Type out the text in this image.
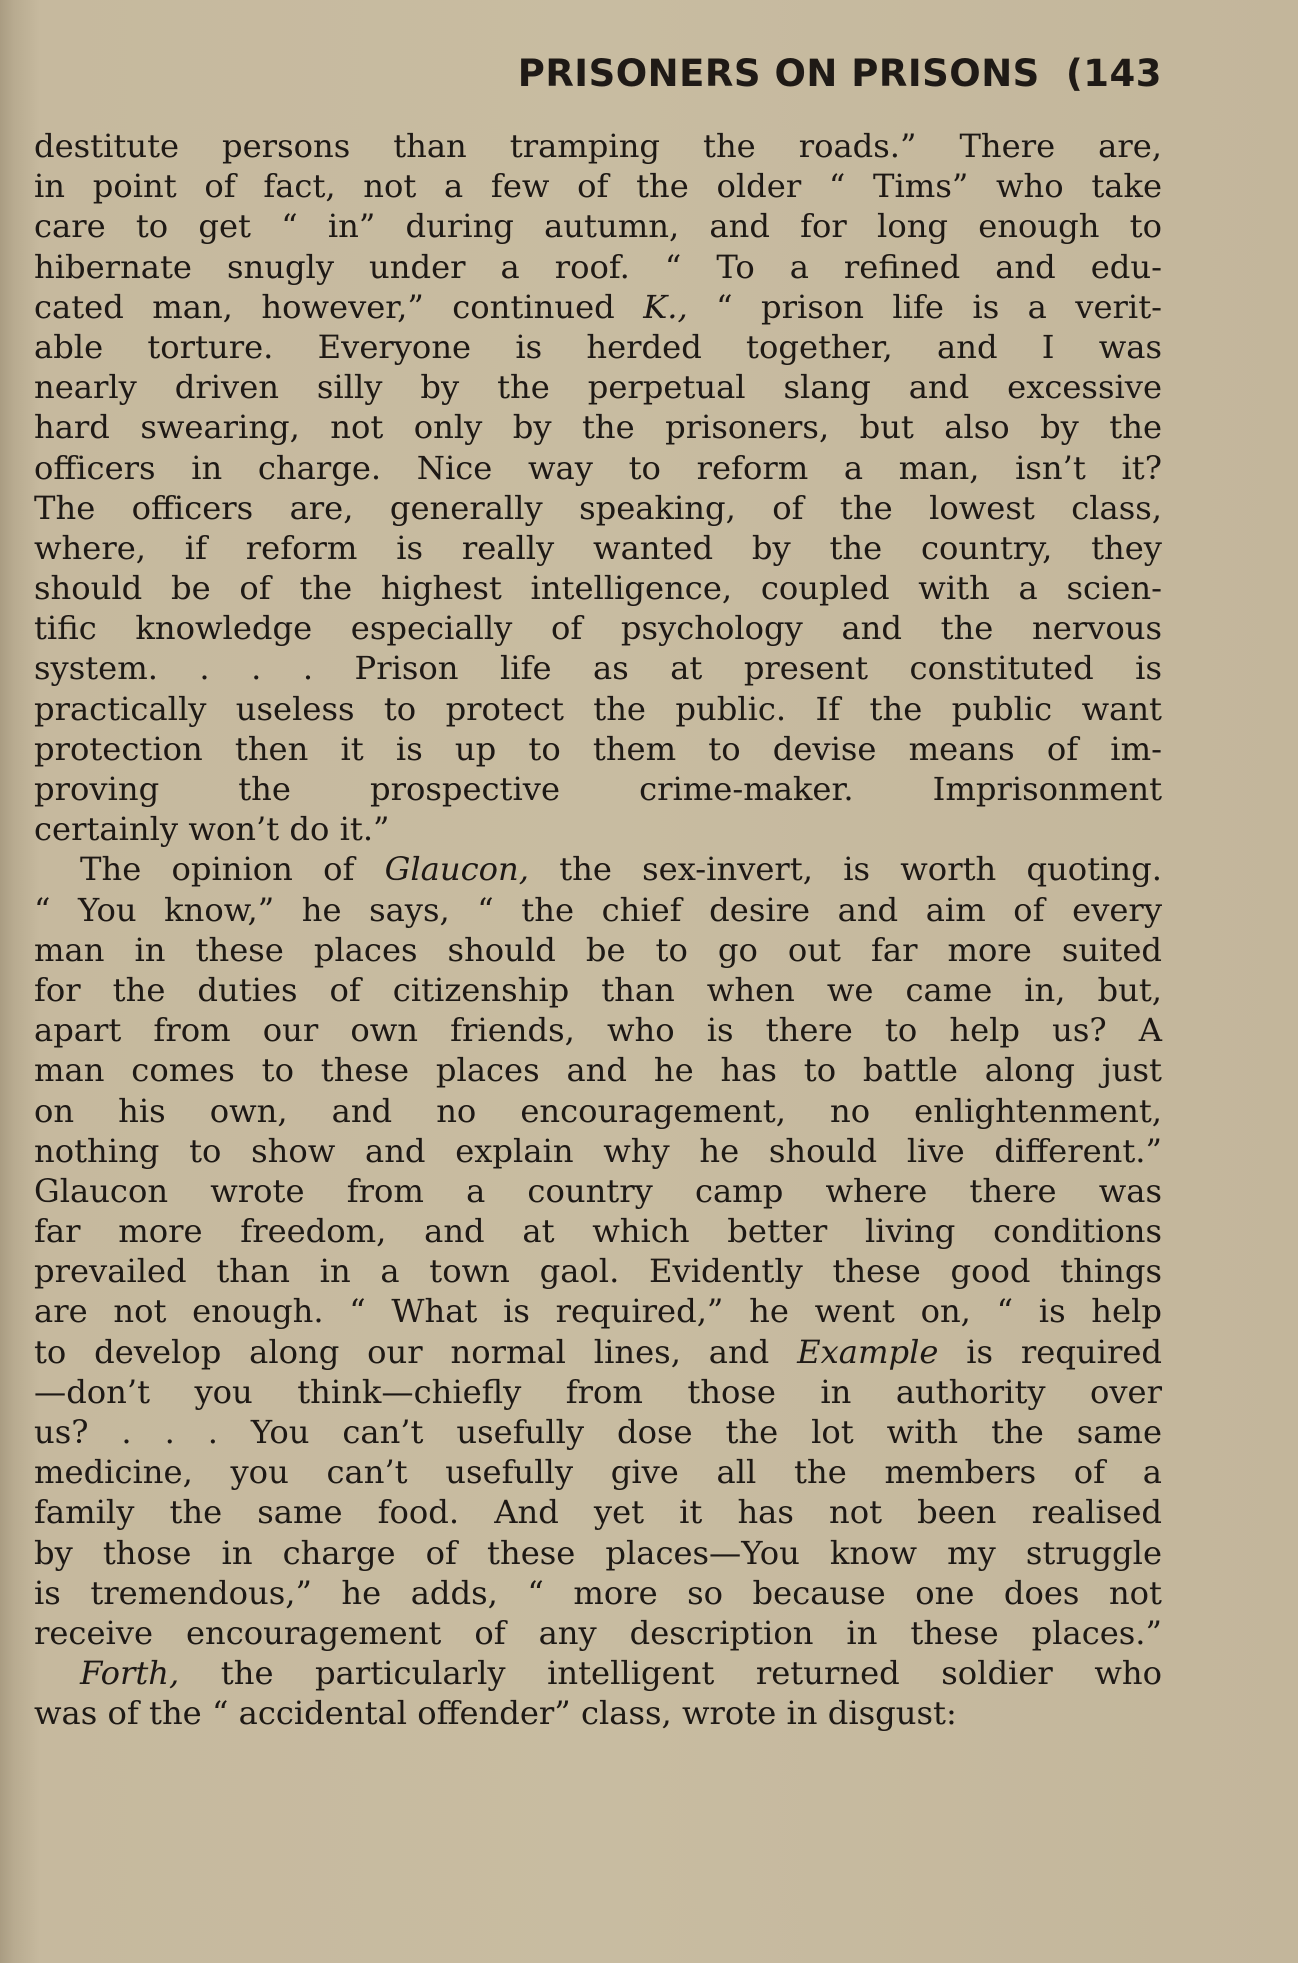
PRISONERS ON PRISONS (143
destitute persons than tramping the roads.” There are,
in point of fact, not a few of the older “ Tims” who take
care to get “ in” during autumn, and for long enough to
hibernate snugly under a roof. “ To a refined and edu-
cated man, however,” continued K., “ prison life is a verit-
able torture. Everyone is herded together, and I was
nearly driven silly by the perpetual slang and excessive
hard swearing, not only by the prisoners, but also by the
officers in charge. Nice way to reform a man, isn’t it?
The officers are, generally speaking, of the lowest class,
where, if reform is really wanted by the country, they
should be of the highest intelligence, coupled with a scien-
tific knowledge especially of psychology and the nervous
system. . . . Prison life as at present constituted is
practically useless to protect the public. If the public want
protection then it is up to them to devise means of im-
proving the prospective crime-maker. Imprisonment
certainly won’t do it.”
The opinion of Glaucon, the sex-invert, is worth quoting.
“ You know,” he says, “ the chief desire and aim of every
man in these places should be to go out far more suited
for the duties of citizenship than when we came in, but,
apart from our own friends, who is there to help us? A
man comes to these places and he has to battle along just
on his own, and no encouragement, no enlightenment,
nothing to show and explain why he should live different.”
Glaucon wrote from a country camp where there was
far more freedom, and at which better living conditions
prevailed than in a town gaol. Evidently these good things
are not enough. “ What is required,” he went on, “ is help
to develop along our normal lines, and Example is required
—don’t you think—chiefly from those in authority over
us? . . . You can’t usefully dose the lot with the same
medicine, you can’t usefully give all the members of a
family the same food. And yet it has not been realised
by those in charge of these places—You know my struggle
is tremendous,” he adds, “ more so because one does not
receive encouragement of any description in these places.”
Forth, the particularly intelligent returned soldier who
was of the “ accidental offender” class, wrote in disgust:
